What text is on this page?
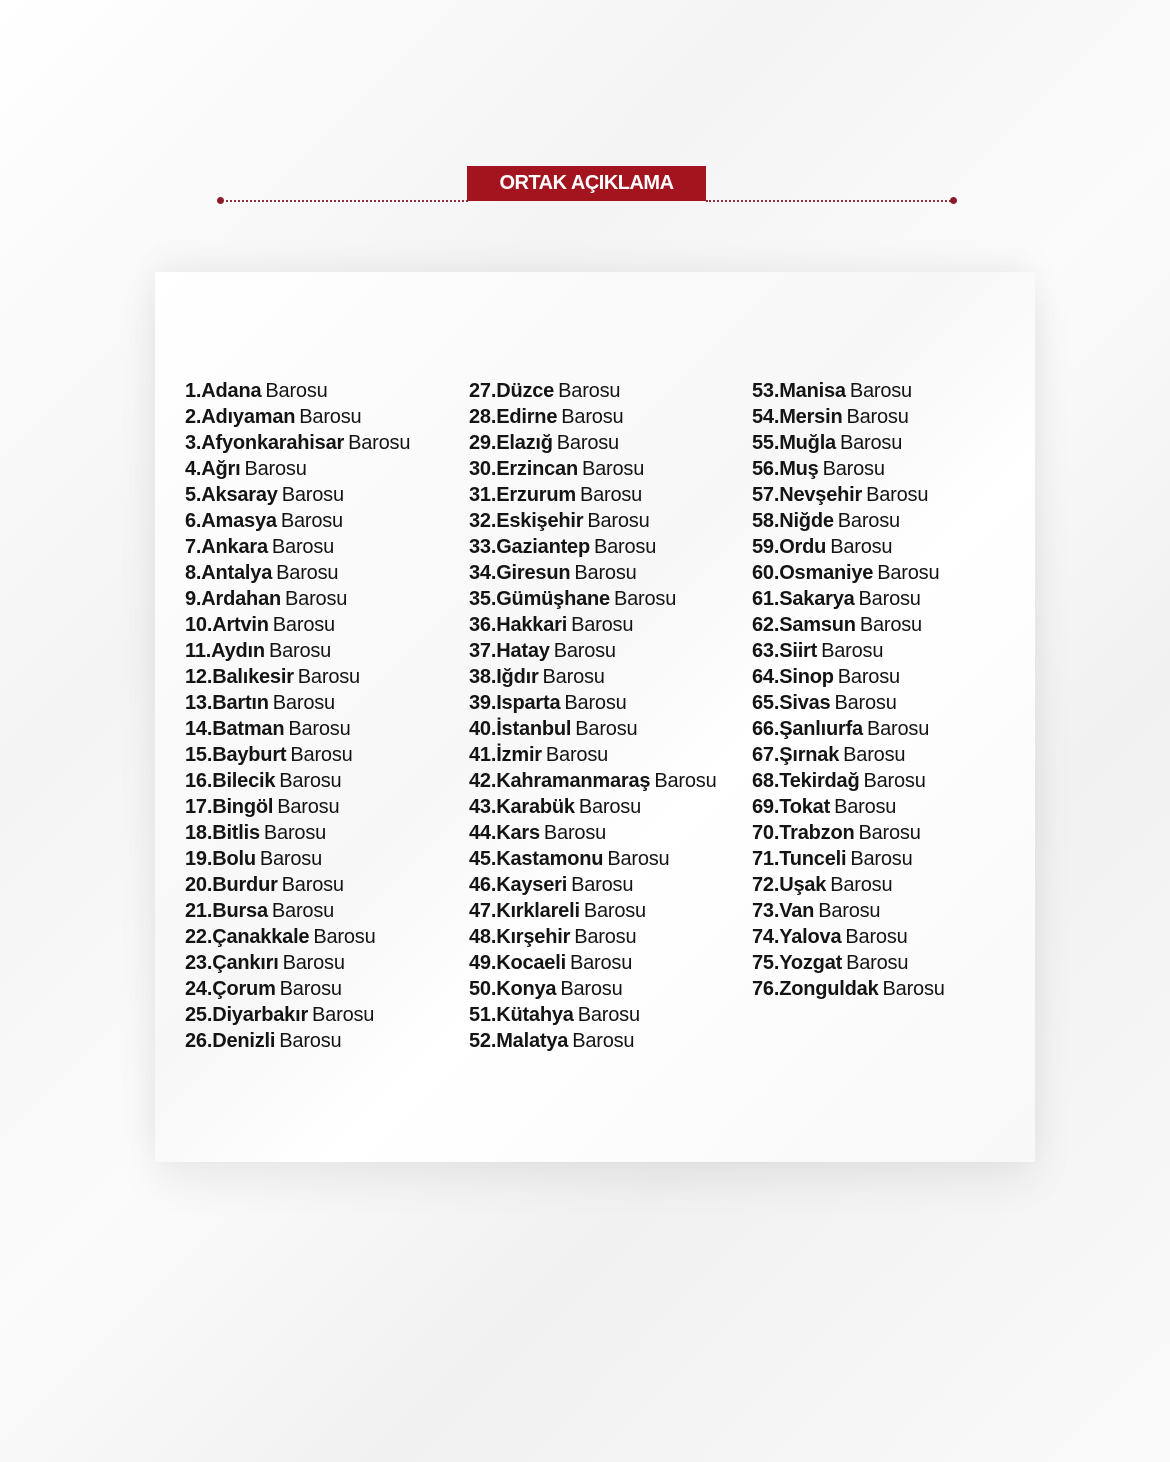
ORTAK AÇIKLAMA
1.Adana Barosu
2.Adıyaman Barosu
3.Afyonkarahisar Barosu
4.Ağrı Barosu
5.Aksaray Barosu
6.Amasya Barosu
7.Ankara Barosu
8.Antalya Barosu
9.Ardahan Barosu
10.Artvin Barosu
11.Aydın Barosu
12.Balıkesir Barosu
13.Bartın Barosu
14.Batman Barosu
15.Bayburt Barosu
16.Bilecik Barosu
17.Bingöl Barosu
18.Bitlis Barosu
19.Bolu Barosu
20.Burdur Barosu
21.Bursa Barosu
22.Çanakkale Barosu
23.Çankırı Barosu
24.Çorum Barosu
25.Diyarbakır Barosu
26.Denizli Barosu
27.Düzce Barosu
28.Edirne Barosu
29.Elazığ Barosu
30.Erzincan Barosu
31.Erzurum Barosu
32.Eskişehir Barosu
33.Gaziantep Barosu
34.Giresun Barosu
35.Gümüşhane Barosu
36.Hakkari Barosu
37.Hatay Barosu
38.Iğdır Barosu
39.Isparta Barosu
40.İstanbul Barosu
41.İzmir Barosu
42.Kahramanmaraş Barosu
43.Karabük Barosu
44.Kars Barosu
45.Kastamonu Barosu
46.Kayseri Barosu
47.Kırklareli Barosu
48.Kırşehir Barosu
49.Kocaeli Barosu
50.Konya Barosu
51.Kütahya Barosu
52.Malatya Barosu
53.Manisa Barosu
54.Mersin Barosu
55.Muğla Barosu
56.Muş Barosu
57.Nevşehir Barosu
58.Niğde Barosu
59.Ordu Barosu
60.Osmaniye Barosu
61.Sakarya Barosu
62.Samsun Barosu
63.Siirt Barosu
64.Sinop Barosu
65.Sivas Barosu
66.Şanlıurfa Barosu
67.Şırnak Barosu
68.Tekirdağ Barosu
69.Tokat Barosu
70.Trabzon Barosu
71.Tunceli Barosu
72.Uşak Barosu
73.Van Barosu
74.Yalova Barosu
75.Yozgat Barosu
76.Zonguldak Barosu
